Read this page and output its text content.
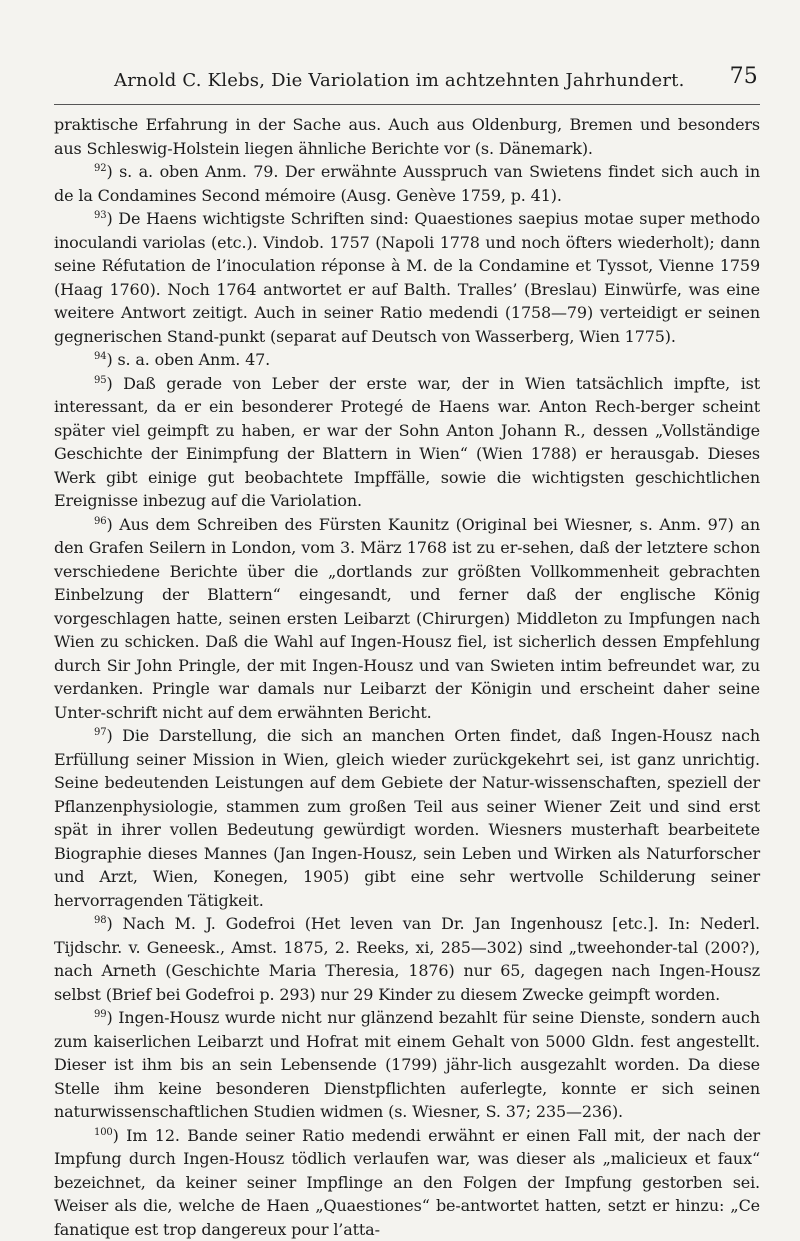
Arnold C. Klebs, Die Variolation im achtzehnten Jahrhundert. 75

praktische Erfahrung in der Sache aus. Auch aus Oldenburg, Bremen und besonders aus Schleswig-Holstein liegen ähnliche Berichte vor (s. Dänemark).

$^{92}$) s. a. oben Anm. 79. Der erwähnte Ausspruch van Swietens findet sich auch in de la Condamines Second mémoire (Ausg. Genève 1759, p. 41).

$^{93}$) De Haens wichtigste Schriften sind: Quaestiones saepius motae super methodo inoculandi variolas (etc.). Vindob. 1757 (Napoli 1778 und noch öfters wiederholt); dann seine Réfutation de l’inoculation réponse à M. de la Condamine et Tyssot, Vienne 1759 (Haag 1760). Noch 1764 antwortet er auf Balth. Tralles’ (Breslau) Einwürfe, was eine weitere Antwort zeitigt. Auch in seiner Ratio medendi (1758—79) verteidigt er seinen gegnerischen Stand-punkt (separat auf Deutsch von Wasserberg, Wien 1775).

$^{94}$) s. a. oben Anm. 47.

$^{95}$) Daß gerade von Leber der erste war, der in Wien tatsächlich impfte, ist interessant, da er ein besonderer Protegé de Haens war. Anton Rech-berger scheint später viel geimpft zu haben, er war der Sohn Anton Johann R., dessen „Vollständige Geschichte der Einimpfung der Blattern in Wien“ (Wien 1788) er herausgab. Dieses Werk gibt einige gut beobachtete Impffälle, sowie die wichtigsten geschichtlichen Ereignisse inbezug auf die Variolation.

$^{96}$) Aus dem Schreiben des Fürsten Kaunitz (Original bei Wiesner, s. Anm. 97) an den Grafen Seilern in London, vom 3. März 1768 ist zu er-sehen, daß der letztere schon verschiedene Berichte über die „dortlands zur größten Vollkommenheit gebrachten Einbelzung der Blattern“ eingesandt, und ferner daß der englische König vorgeschlagen hatte, seinen ersten Leibarzt (Chirurgen) Middleton zu Impfungen nach Wien zu schicken. Daß die Wahl auf Ingen-Housz fiel, ist sicherlich dessen Empfehlung durch Sir John Pringle, der mit Ingen-Housz und van Swieten intim befreundet war, zu verdanken. Pringle war damals nur Leibarzt der Königin und erscheint daher seine Unter-schrift nicht auf dem erwähnten Bericht.

$^{97}$) Die Darstellung, die sich an manchen Orten findet, daß Ingen-Housz nach Erfüllung seiner Mission in Wien, gleich wieder zurückgekehrt sei, ist ganz unrichtig. Seine bedeutenden Leistungen auf dem Gebiete der Natur-wissenschaften, speziell der Pflanzenphysiologie, stammen zum großen Teil aus seiner Wiener Zeit und sind erst spät in ihrer vollen Bedeutung gewürdigt worden. Wiesners musterhaft bearbeitete Biographie dieses Mannes (Jan Ingen-Housz, sein Leben und Wirken als Naturforscher und Arzt, Wien, Konegen, 1905) gibt eine sehr wertvolle Schilderung seiner hervorragenden Tätigkeit.

$^{98}$) Nach M. J. Godefroi (Het leven van Dr. Jan Ingenhousz [etc.]. In: Nederl. Tijdschr. v. Geneesk., Amst. 1875, 2. Reeks, xi, 285—302) sind „tweehonder-tal (200?), nach Arneth (Geschichte Maria Theresia, 1876) nur 65, dagegen nach Ingen-Housz selbst (Brief bei Godefroi p. 293) nur 29 Kinder zu diesem Zwecke geimpft worden.

$^{99}$) Ingen-Housz wurde nicht nur glänzend bezahlt für seine Dienste, sondern auch zum kaiserlichen Leibarzt und Hofrat mit einem Gehalt von 5000 Gldn. fest angestellt. Dieser ist ihm bis an sein Lebensende (1799) jähr-lich ausgezahlt worden. Da diese Stelle ihm keine besonderen Dienstpflichten auferlegte, konnte er sich seinen naturwissenschaftlichen Studien widmen (s. Wiesner, S. 37; 235—236).

$^{100}$) Im 12. Bande seiner Ratio medendi erwähnt er einen Fall mit, der nach der Impfung durch Ingen-Housz tödlich verlaufen war, was dieser als „malicieux et faux“ bezeichnet, da keiner seiner Impflinge an den Folgen der Impfung gestorben sei. Weiser als die, welche de Haen „Quaestiones“ be-antwortet hatten, setzt er hinzu: „Ce fanatique est trop dangereux pour l’atta-
